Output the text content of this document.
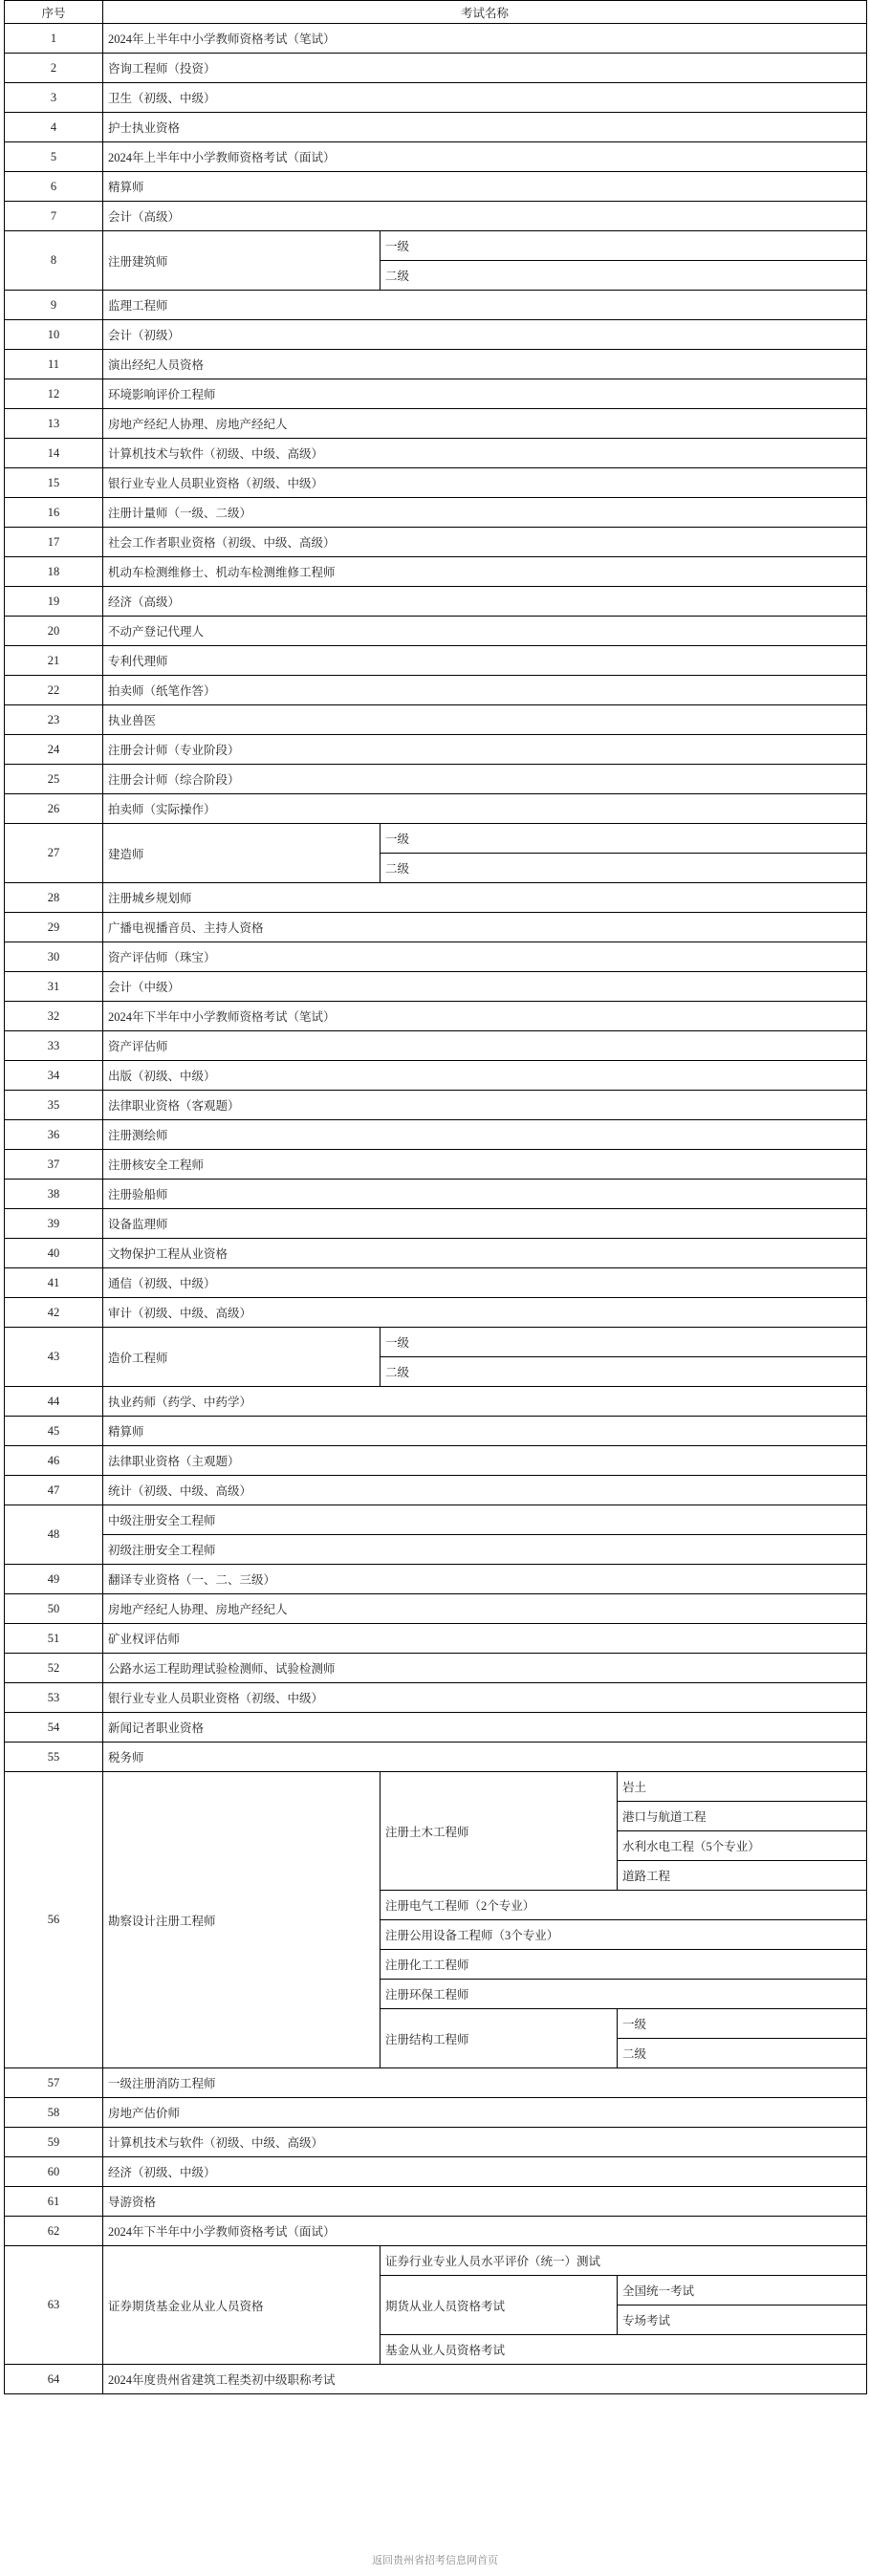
序号	考试名称	
1	2024年上半年中小学教师资格考试（笔试）	
2	咨询工程师（投资）	
3	卫生（初级、中级）	
4	护士执业资格	
5	2024年上半年中小学教师资格考试（面试）	
6	精算师	
7	会计（高级）	
8	注册建筑师	一级	
		二级	
9	监理工程师	
10	会计（初级）	
11	演出经纪人员资格	
12	环境影响评价工程师	
13	房地产经纪人协理、房地产经纪人	
14	计算机技术与软件（初级、中级、高级）	
15	银行业专业人员职业资格（初级、中级）	
16	注册计量师（一级、二级）	
17	社会工作者职业资格（初级、中级、高级）	
18	机动车检测维修士、机动车检测维修工程师	
19	经济（高级）	
20	不动产登记代理人	
21	专利代理师	
22	拍卖师（纸笔作答）	
23	执业兽医	
24	注册会计师（专业阶段）	
25	注册会计师（综合阶段）	
26	拍卖师（实际操作）	
27	建造师	一级	
		二级	
28	注册城乡规划师	
29	广播电视播音员、主持人资格	
30	资产评估师（珠宝）	
31	会计（中级）	
32	2024年下半年中小学教师资格考试（笔试）	
33	资产评估师	
34	出版（初级、中级）	
35	法律职业资格（客观题）	
36	注册测绘师	
37	注册核安全工程师	
38	注册验船师	
39	设备监理师	
40	文物保护工程从业资格	
41	通信（初级、中级）	
42	审计（初级、中级、高级）	
43	造价工程师	一级	
		二级	
44	执业药师（药学、中药学）	
45	精算师	
46	法律职业资格（主观题）	
47	统计（初级、中级、高级）	
48	中级注册安全工程师	
	初级注册安全工程师	
49	翻译专业资格（一、二、三级）	
50	房地产经纪人协理、房地产经纪人	
51	矿业权评估师	
52	公路水运工程助理试验检测师、试验检测师	
53	银行业专业人员职业资格（初级、中级）	
54	新闻记者职业资格	
55	税务师	
56	勘察设计注册工程师	注册土木工程师	岩土	
			港口与航道工程	
			水利水电工程（5个专业）	
			道路工程	
		注册电气工程师（2个专业）	
		注册公用设备工程师（3个专业）	
		注册化工工程师	
		注册环保工程师	
		注册结构工程师	一级	
			二级	
57	一级注册消防工程师	
58	房地产估价师	
59	计算机技术与软件（初级、中级、高级）	
60	经济（初级、中级）	
61	导游资格	
62	2024年下半年中小学教师资格考试（面试）	
63	证券期货基金业从业人员资格	证券行业专业人员水平评价（统一）测试	
		期货从业人员资格考试	全国统一考试	
			专场考试	
		基金从业人员资格考试	
64	2024年度贵州省建筑工程类初中级职称考试	
返回贵州省招考信息网首页
